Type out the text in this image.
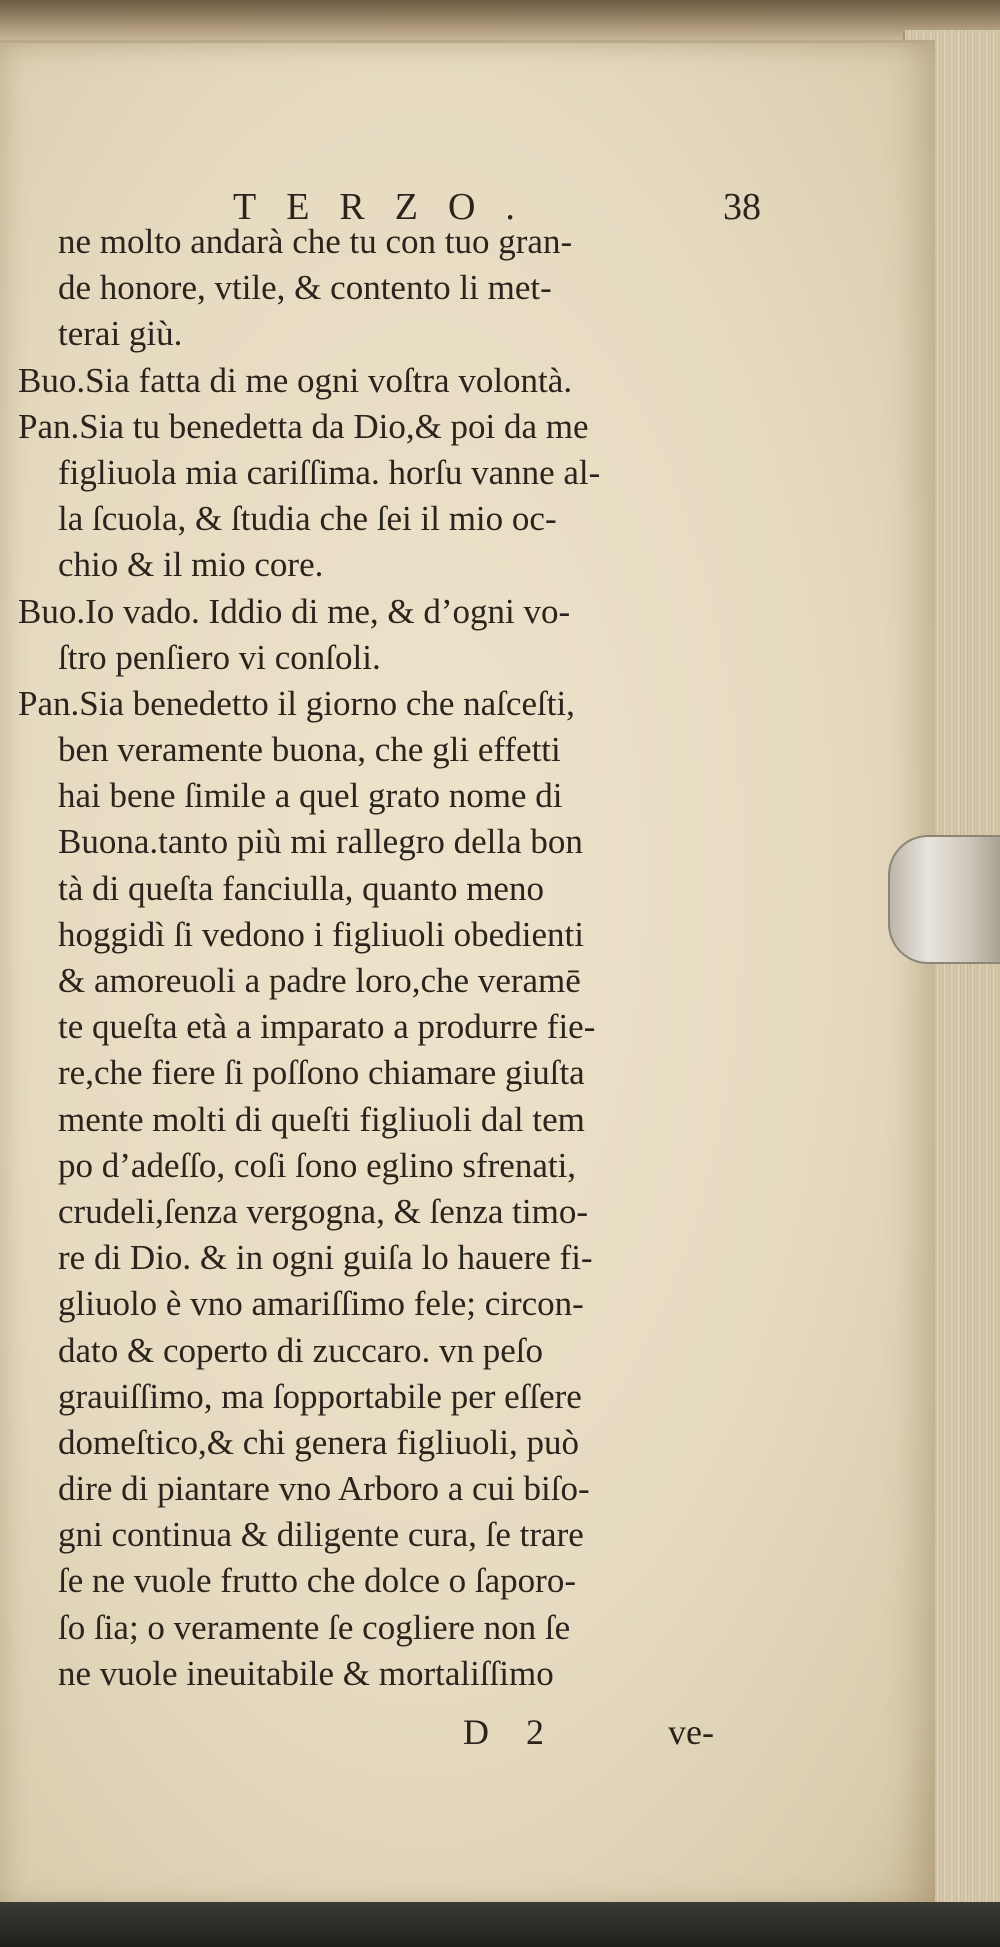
TERZO.	38
ne molto andarà che tu con tuo gran-
de honore, vtile, & contento li met-
terai giù.
Buo.Sia fatta di me ogni voſtra volontà.
Pan.Sia tu benedetta da Dio,& poi da me
figliuola mia cariſſima. horſu vanne al-
la ſcuola, & ſtudia che ſei il mio oc-
chio & il mio core.
Buo.Io vado. Iddio di me, & d’ogni vo-
ſtro penſiero vi conſoli.
Pan.Sia benedetto il giorno che naſceſti,
ben veramente buona, che gli effetti
hai bene ſimile a quel grato nome di
Buona.tanto più mi rallegro della bon
tà di queſta fanciulla, quanto meno
hoggidì ſi vedono i figliuoli obedienti
& amoreuoli a padre loro,che veramē
te queſta età a imparato a produrre fie-
re,che fiere ſi poſſono chiamare giuſta
mente molti di queſti figliuoli dal tem
po d’adeſſo, coſi ſono eglino sfrenati,
crudeli,ſenza vergogna, & ſenza timo-
re di Dio. & in ogni guiſa lo hauere fi-
gliuolo è vno amariſſimo fele; circon-
dato & coperto di zuccaro. vn peſo
grauiſſimo, ma ſopportabile per eſſere
domeſtico,& chi genera figliuoli, può
dire di piantare vno Arboro a cui biſo-
gni continua & diligente cura, ſe trare
ſe ne vuole frutto che dolce o ſaporo-
ſo ſia; o veramente ſe cogliere non ſe
ne vuole ineuitabile & mortaliſſimo
D 2	ve-
